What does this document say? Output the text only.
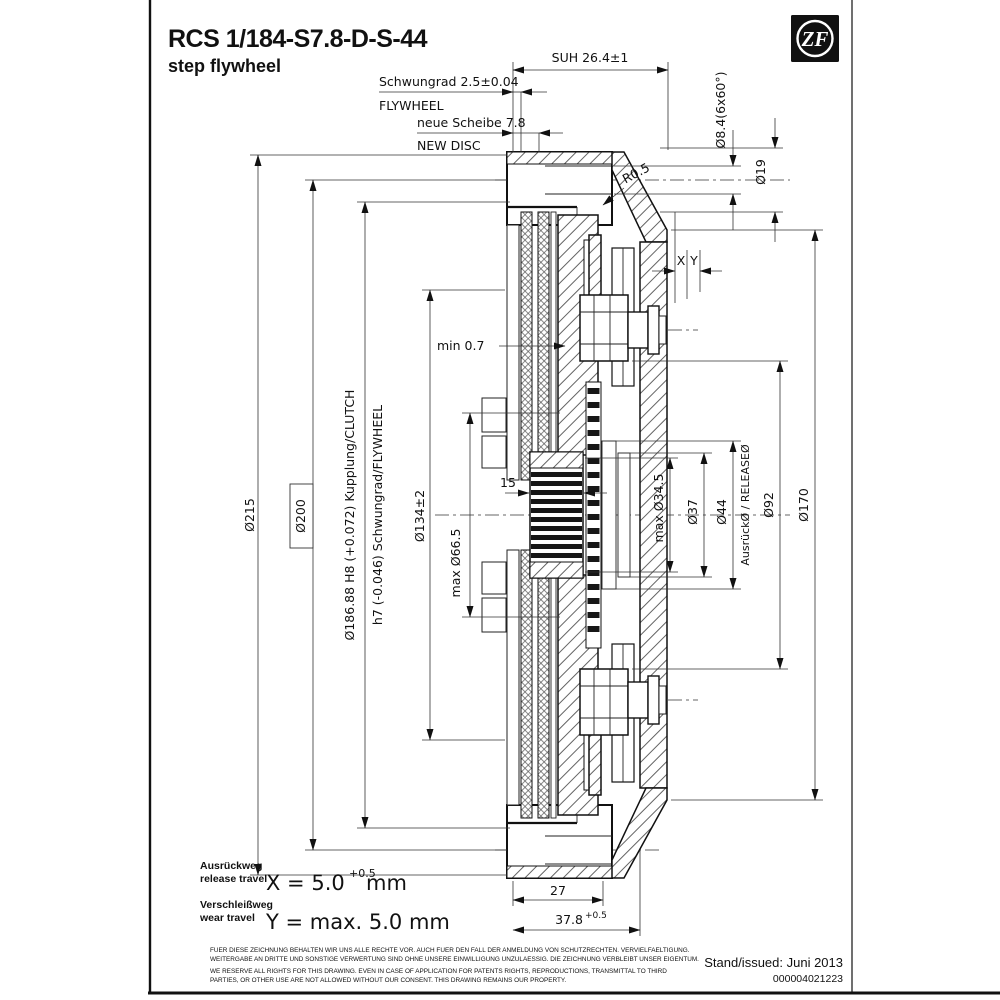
RCS 1/184-S7.8-D-S-44
step flywheel
ZF
Ø215	Ø200	Ø186.88 H8 (+0.072) Kupplung/CLUTCH h7 (-0.046) Schwungrad/FLYWHEEL Ø134±2
max Ø66.5
max Ø34.5 Ø37 Ø44 AusrückØ / RELEASEØ Ø92 Ø170
SUH 26.4±1
Schwungrad 2.5±0.04
FLYWHEEL
neue Scheibe 7.8
NEW DISC	Ø8.4(6x60°)
Ø19
R0.5
X Y
min 0.7
15
27
37.8 +0.5
Ausrückweg
release travel
X = 5.0 +0.5
mm
Verschleißweg
wear travel Y = max. 5.0 mm
FUER DIESE ZEICHNUNG BEHALTEN WIR UNS ALLE RECHTE VOR. AUCH FUER DEN FALL DER ANMELDUNG VON SCHUTZRECHTEN. VERVIELFAELTIGUNG.
WEITERGABE AN DRITTE UND SONSTIGE VERWERTUNG SIND OHNE UNSERE EINWILLIGUNG UNZULAESSIG. DIE ZEICHNUNG VERBLEIBT UNSER EIGENTUM.
WE RESERVE ALL RIGHTS FOR THIS DRAWING. EVEN IN CASE OF APPLICATION FOR PATENTS RIGHTS, REPRODUCTIONS, TRANSMITTAL TO THIRD
PARTIES, OR OTHER USE ARE NOT ALLOWED WITHOUT OUR CONSENT. THIS DRAWING REMAINS OUR PROPERTY.
Stand/issued: Juni 2013
000004021223
